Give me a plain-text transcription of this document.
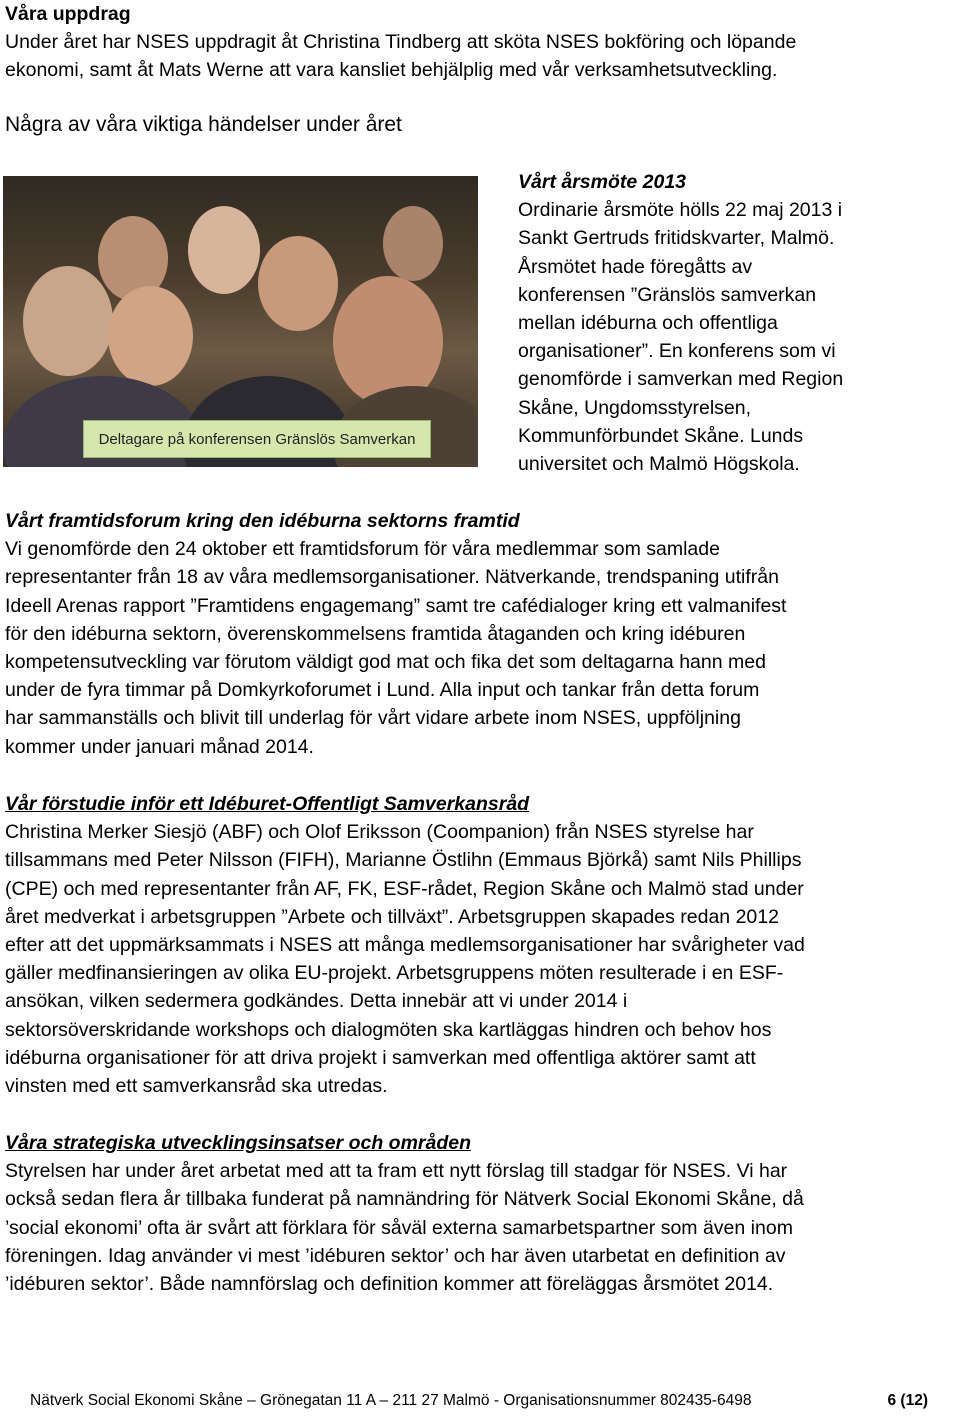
Våra uppdrag

Under året har NSES uppdragit åt Christina Tindberg att sköta NSES bokföring och löpande

ekonomi, samt åt Mats Werne att vara kansliet behjälplig med vår verksamhetsutveckling.

Några av våra viktiga händelser under året

Deltagare på konferensen Gränslös Samverkan

Vårt årsmöte 2013

Ordinarie årsmöte hölls 22 maj 2013 i

Sankt Gertruds fritidskvarter, Malmö.

Årsmötet hade föregåtts av

konferensen ”Gränslös samverkan

mellan idéburna och offentliga

organisationer”. En konferens som vi

genomförde i samverkan med Region

Skåne, Ungdomsstyrelsen,

Kommunförbundet Skåne. Lunds

universitet och Malmö Högskola.

Vårt framtidsforum kring den idéburna sektorns framtid

Vi genomförde den 24 oktober ett framtidsforum för våra medlemmar som samlade

representanter från 18 av våra medlemsorganisationer. Nätverkande, trendspaning utifrån

Ideell Arenas rapport ”Framtidens engagemang” samt tre cafédialoger kring ett valmanifest

för den idéburna sektorn, överenskommelsens framtida åtaganden och kring idéburen

kompetensutveckling var förutom väldigt god mat och fika det som deltagarna hann med

under de fyra timmar på Domkyrkoforumet i Lund. Alla input och tankar från detta forum

har sammanställs och blivit till underlag för vårt vidare arbete inom NSES, uppföljning

kommer under januari månad 2014.

Vår förstudie inför ett Idéburet-Offentligt Samverkansråd

Christina Merker Siesjö (ABF) och Olof Eriksson (Coompanion) från NSES styrelse har

tillsammans med Peter Nilsson (FIFH), Marianne Östlihn (Emmaus Björkå) samt Nils Phillips

(CPE) och med representanter från AF, FK, ESF-rådet, Region Skåne och Malmö stad under

året medverkat i arbetsgruppen ”Arbete och tillväxt”. Arbetsgruppen skapades redan 2012

efter att det uppmärksammats i NSES att många medlemsorganisationer har svårigheter vad

gäller medfinansieringen av olika EU-projekt. Arbetsgruppens möten resulterade i en ESF-

ansökan, vilken sedermera godkändes. Detta innebär att vi under 2014 i

sektorsöverskridande workshops och dialogmöten ska kartläggas hindren och behov hos

idéburna organisationer för att driva projekt i samverkan med offentliga aktörer samt att

vinsten med ett samverkansråd ska utredas.

Våra strategiska utvecklingsinsatser och områden

Styrelsen har under året arbetat med att ta fram ett nytt förslag till stadgar för NSES. Vi har

också sedan flera år tillbaka funderat på namnändring för Nätverk Social Ekonomi Skåne, då

’social ekonomi’ ofta är svårt att förklara för såväl externa samarbetspartner som även inom

föreningen. Idag använder vi mest ’idéburen sektor’ och har även utarbetat en definition av

’idéburen sektor’. Både namnförslag och definition kommer att föreläggas årsmötet 2014.

Nätverk Social Ekonomi Skåne – Grönegatan 11 A – 211 27 Malmö - Organisationsnummer 802435-6498	6 (12)
